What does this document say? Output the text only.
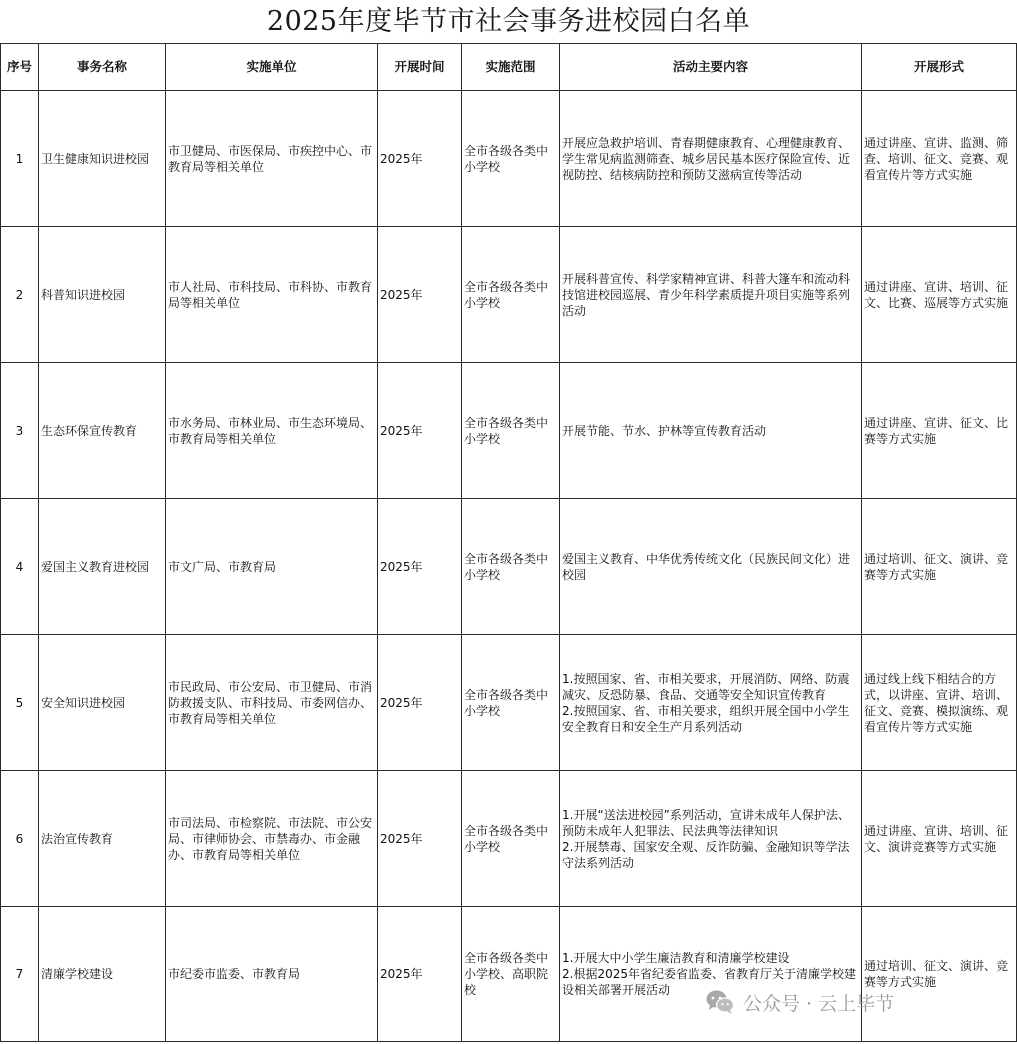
2025年度毕节市社会事务进校园白名单
序号	事务名称	实施单位	开展时间	实施范围	活动主要内容	开展形式
1	卫生健康知识进校园	市卫健局、市医保局、市疾控中心、市教育局等相关单位	2025年	全市各级各类中小学校	开展应急救护培训、青春期健康教育、心理健康教育、学生常见病监测筛查、城乡居民基本医疗保险宣传、近视防控、结核病防控和预防艾滋病宣传等活动	通过讲座、宣讲、监测、筛查、培训、征文、竞赛、观看宣传片等方式实施
2	科普知识进校园	市人社局、市科技局、市科协、市教育局等相关单位	2025年	全市各级各类中小学校	开展科普宣传、科学家精神宣讲、科普大篷车和流动科技馆进校园巡展、青少年科学素质提升项目实施等系列活动	通过讲座、宣讲、培训、征文、比赛、巡展等方式实施
3	生态环保宣传教育	市水务局、市林业局、市生态环境局、市教育局等相关单位	2025年	全市各级各类中小学校	开展节能、节水、护林等宣传教育活动	通过讲座、宣讲、征文、比赛等方式实施
4	爱国主义教育进校园	市文广局、市教育局	2025年	全市各级各类中小学校	爱国主义教育、中华优秀传统文化（民族民间文化）进校园	通过培训、征文、演讲、竞赛等方式实施
5	安全知识进校园	市民政局、市公安局、市卫健局、市消防救援支队、市科技局、市委网信办、市教育局等相关单位	2025年	全市各级各类中小学校	1.按照国家、省、市相关要求，开展消防、网络、防震减灾、反恐防暴、食品、交通等安全知识宣传教育
2.按照国家、省、市相关要求，组织开展全国中小学生安全教育日和安全生产月系列活动	通过线上线下相结合的方式，以讲座、宣讲、培训、征文、竞赛、模拟演练、观看宣传片等方式实施
6	法治宣传教育	市司法局、市检察院、市法院、市公安局、市律师协会、市禁毒办、市金融办、市教育局等相关单位	2025年	全市各级各类中小学校	1.开展“送法进校园”系列活动，宣讲未成年人保护法、预防未成年人犯罪法、民法典等法律知识
2.开展禁毒、国家安全观、反诈防骗、金融知识等学法守法系列活动	通过讲座、宣讲、培训、征文、演讲竞赛等方式实施
7	清廉学校建设	市纪委市监委、市教育局	2025年	全市各级各类中小学校、高职院校	1.开展大中小学生廉洁教育和清廉学校建设
2.根据2025年省纪委省监委、省教育厅关于清廉学校建设相关部署开展活动	通过培训、征文、演讲、竞赛等方式实施
公众号 · 云上毕节
